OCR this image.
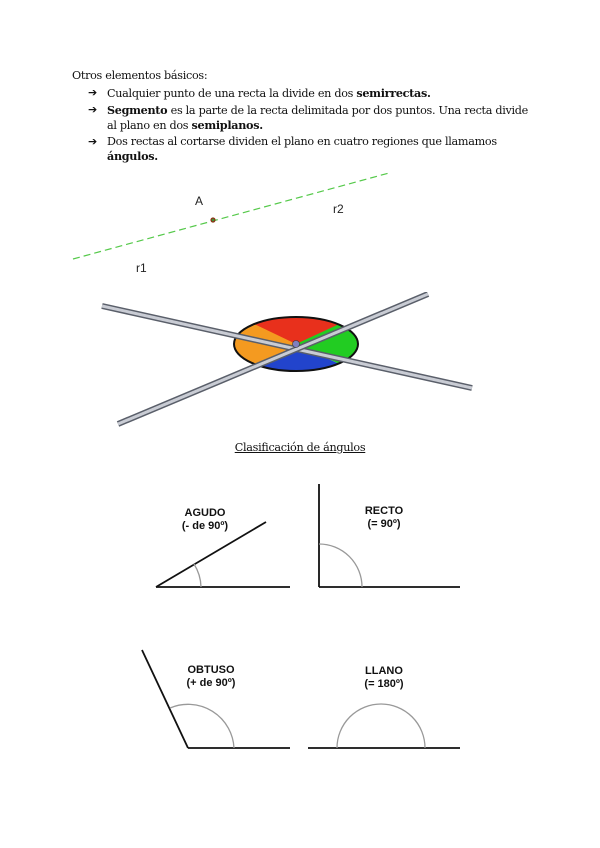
Otros elementos básicos:
➔ Cualquier punto de una recta la divide en dos semirrectas.
➔ Segmento es la parte de la recta delimitada por dos puntos. Una recta divide al plano en dos semiplanos.
➔ Dos rectas al cortarse dividen el plano en cuatro regiones que llamamos ángulos.
A
r2
r1
Clasificación de ángulos
AGUDO
(- de 90º)
RECTO
(= 90º)
OBTUSO
(+ de 90º)
LLANO
(= 180º)
